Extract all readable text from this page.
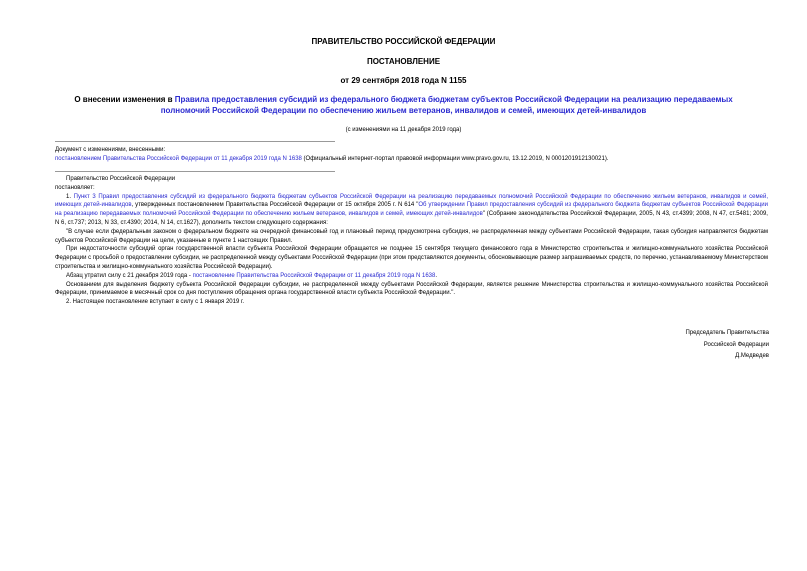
ПРАВИТЕЛЬСТВО РОССИЙСКОЙ ФЕДЕРАЦИИ
ПОСТАНОВЛЕНИЕ
от 29 сентября 2018 года N 1155
О внесении изменения в Правила предоставления субсидий из федерального бюджета бюджетам субъектов Российской Федерации на реализацию передаваемых полномочий Российской Федерации по обеспечению жильем ветеранов, инвалидов и семей, имеющих детей-инвалидов
(с изменениями на 11 декабря 2019 года)
Документ с изменениями, внесенными:
постановлением Правительства Российской Федерации от 11 декабря 2019 года N 1638 (Официальный интернет-портал правовой информации www.pravo.gov.ru, 13.12.2019, N 0001201912130021).

Правительство Российской Федерации

постановляет:

1. Пункт 3 Правил предоставления субсидий из федерального бюджета бюджетам субъектов Российской Федерации на реализацию передаваемых полномочий Российской Федерации по обеспечению жильем ветеранов, инвалидов и семей, имеющих детей-инвалидов, утвержденных постановлением Правительства Российской Федерации от 15 октября 2005 г. N 614 "Об утверждении Правил предоставления субсидий из федерального бюджета бюджетам субъектов Российской Федерации на реализацию передаваемых полномочий Российской Федерации по обеспечению жильем ветеранов, инвалидов и семей, имеющих детей-инвалидов" (Собрание законодательства Российской Федерации, 2005, N 43, ст.4399; 2008, N 47, ст.5481; 2009, N 6, ст.737; 2013, N 33, ст.4390; 2014, N 14, ст.1627), дополнить текстом следующего содержания:

"В случае если федеральным законом о федеральном бюджете на очередной финансовый год и плановый период предусмотрена субсидия, не распределенная между субъектами Российской Федерации, такая субсидия направляется бюджетам субъектов Российской Федерации на цели, указанные в пункте 1 настоящих Правил.

При недостаточности субсидий орган государственной власти субъекта Российской Федерации обращается не позднее 15 сентября текущего финансового года в Министерство строительства и жилищно-коммунального хозяйства Российской Федерации с просьбой о предоставлении субсидии, не распределенной между субъектами Российской Федерации (при этом представляются документы, обосновывающие размер запрашиваемых средств, по перечню, устанавливаемому Министерством строительства и жилищно-коммунального хозяйства Российской Федерации).

Абзац утратил силу с 21 декабря 2019 года - постановление Правительства Российской Федерации от 11 декабря 2019 года N 1638.

Основанием для выделения бюджету субъекта Российской Федерации субсидии, не распределенной между субъектами Российской Федерации, является решение Министерства строительства и жилищно-коммунального хозяйства Российской Федерации, принимаемое в месячный срок со дня поступления обращения органа государственной власти субъекта Российской Федерации.".

2. Настоящее постановление вступает в силу с 1 января 2019 г.

Председатель Правительства
Российской Федерации
Д.Медведев
